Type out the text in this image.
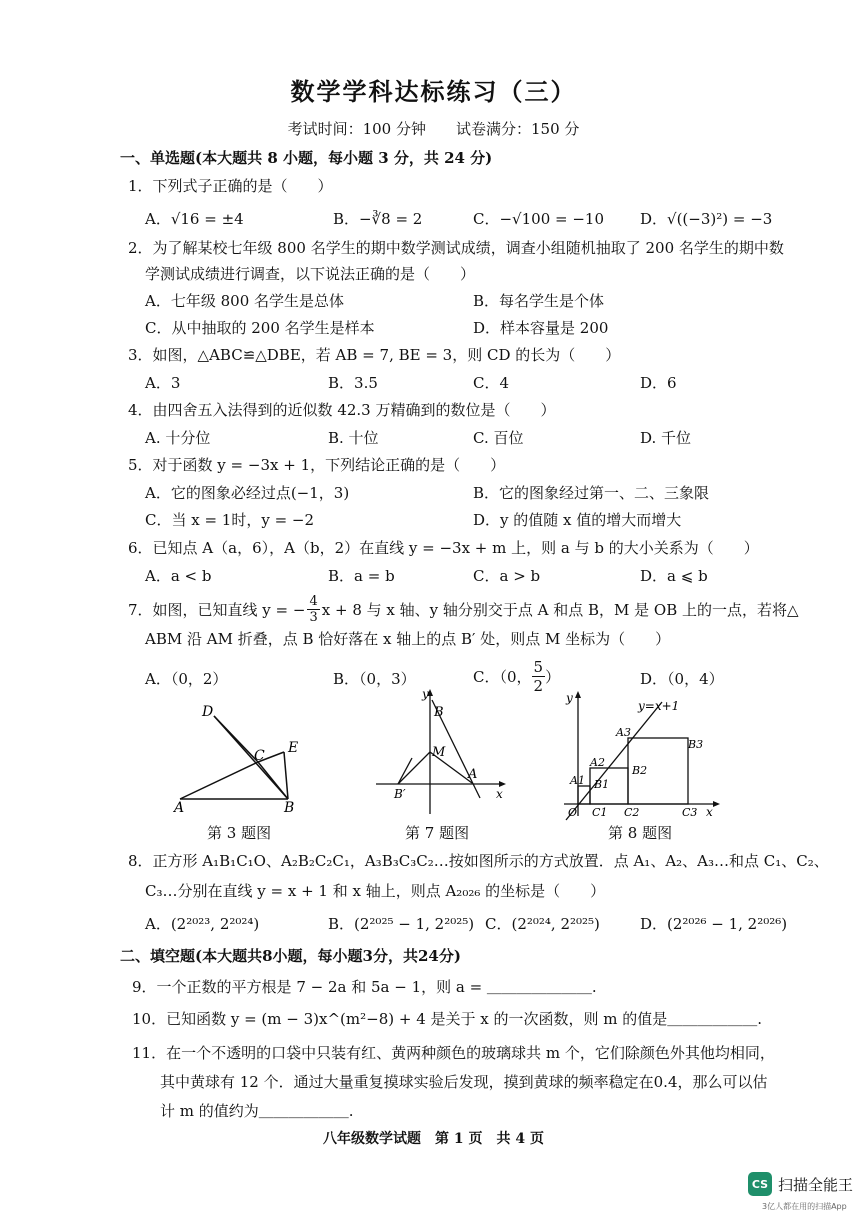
数学学科达标练习（三）
考试时间：100 分钟　　试卷满分：150 分
一、单选题(本大题共 8 小题，每小题 3 分，共 24 分)
1．下列式子正确的是（　　）
A．√16 = ±4	B．−∛8 = 2	C．−√100 = −10 D．√((−3)²) = −3
2．为了解某校七年级 800 名学生的期中数学测试成绩，调查小组随机抽取了 200 名学生的期中数
学测试成绩进行调查，以下说法正确的是（　　）
A．七年级 800 名学生是总体	B．每名学生是个体
C．从中抽取的 200 名学生是样本	D．样本容量是 200
3．如图，△ABC≌△DBE，若 AB = 7, BE = 3，则 CD 的长为（　　）
A．3	B．3.5	C．4	D．6
4．由四舍五入法得到的近似数 42.3 万精确到的数位是（　　）
A. 十分位	B. 十位	C. 百位	D. 千位
5．对于函数 y = −3x + 1，下列结论正确的是（　　）
A．它的图象必经过点(−1，3)	B．它的图象经过第一、二、三象限
C．当 x = 1时，y = −2	D．y 的值随 x 值的增大而增大
6．已知点 A（a，6），A（b，2）在直线 y = −3x + m 上，则 a 与 b 的大小关系为（　　）
A．a < b	B．a = b	C．a > b	D．a ⩽ b
7．如图，已知直线 y = − $\frac{4}{3}$ x + 8 与 x 轴、y 轴分别交于点 A 和点 B，M 是 OB 上的一点，若将△
ABM 沿 AM 折叠，点 B 恰好落在 x 轴上的点 B′ 处，则点 M 坐标为（　　）
A．（0，2）	B．（0，3）	C．（0， $\frac{5}{2}$ ）	D．（0，4）
D
E
C
A	B
第 3 题图
y
B
M
A
B′	x
第 7 题图
y
y=x+1
A1
A2
A3
B1
B2
B3
O C1 C2	C3 x
第 8 题图
8．正方形 A₁B₁C₁O、A₂B₂C₂C₁，A₃B₃C₃C₂…按如图所示的方式放置．点 A₁、A₂、A₃…和点 C₁、C₂、
C₃…分别在直线 y = x + 1 和 x 轴上，则点 A₂₀₂₆ 的坐标是（　　）
A．(2²⁰²³, 2²⁰²⁴)	B．(2²⁰²⁵ − 1, 2²⁰²⁵) C．(2²⁰²⁴, 2²⁰²⁵)	D．(2²⁰²⁶ − 1, 2²⁰²⁶)
二、填空题(本大题共8小题，每小题3分，共24分)
9．一个正数的平方根是 7 − 2a 和 5a − 1，则 a = ＿＿＿＿＿＿＿.
10．已知函数 y = (m − 3)x^(m²−8) + 4 是关于 x 的一次函数，则 m 的值是＿＿＿＿＿＿.
11．在一个不透明的口袋中只装有红、黄两种颜色的玻璃球共 m 个，它们除颜色外其他均相同，
其中黄球有 12 个．通过大量重复摸球实验后发现，摸到黄球的频率稳定在0.4，那么可以估
计 m 的值约为＿＿＿＿＿＿.
八年级数学试题　第 1 页　共 4 页
CS 扫描全能王
3亿人都在用的扫描App
